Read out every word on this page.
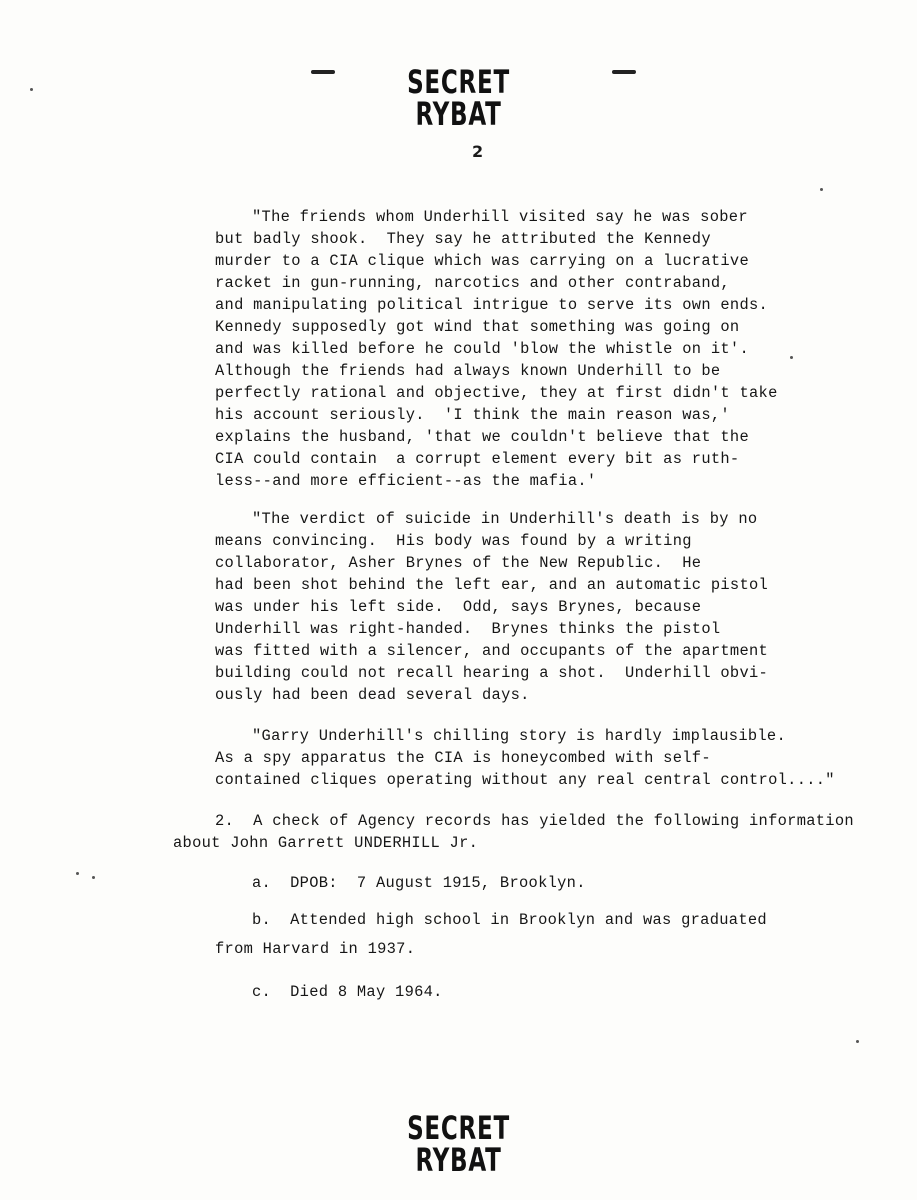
SECRET
RYBAT
2

"The friends whom Underhill visited say he was sober

but badly shook.  They say he attributed the Kennedy

murder to a CIA clique which was carrying on a lucrative

racket in gun-running, narcotics and other contraband,

and manipulating political intrigue to serve its own ends.

Kennedy supposedly got wind that something was going on

and was killed before he could 'blow the whistle on it'.

Although the friends had always known Underhill to be

perfectly rational and objective, they at first didn't take

his account seriously.  'I think the main reason was,'

explains the husband, 'that we couldn't believe that the

CIA could contain  a corrupt element every bit as ruth-

less--and more efficient--as the mafia.'

"The verdict of suicide in Underhill's death is by no

means convincing.  His body was found by a writing

collaborator, Asher Brynes of the New Republic.  He

had been shot behind the left ear, and an automatic pistol

was under his left side.  Odd, says Brynes, because

Underhill was right-handed.  Brynes thinks the pistol

was fitted with a silencer, and occupants of the apartment

building could not recall hearing a shot.  Underhill obvi-

ously had been dead several days.

"Garry Underhill's chilling story is hardly implausible.

As a spy apparatus the CIA is honeycombed with self-

contained cliques operating without any real central control...."

2.  A check of Agency records has yielded the following information

about John Garrett UNDERHILL Jr.

a.  DPOB:  7 August 1915, Brooklyn.

b.  Attended high school in Brooklyn and was graduated

from Harvard in 1937.

c.  Died 8 May 1964.

SECRET
RYBAT
